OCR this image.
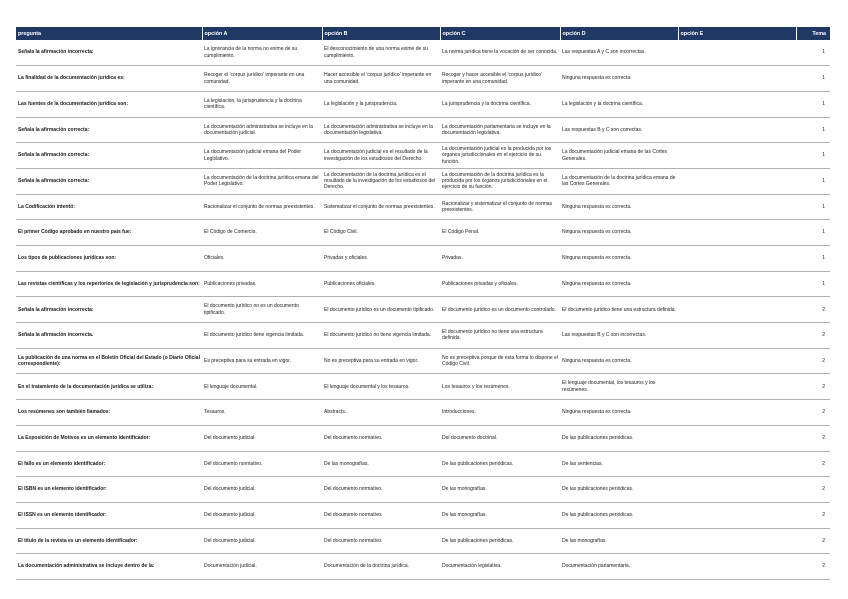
pregunta	opción A	opción B	opción C	opción D	opción E	Tema

Señala la afirmación incorrecta:	La ignorancia de la norma no exime de su cumplimiento.	El desconocimiento de una norma exime de su cumplimiento.	La norma jurídica tiene la vocación de ser conocida.	Las respuestas A y C son incorrectas.		1

La finalidad de la documentación jurídica es:	Recoger el 'corpus jurídico' imperante en una comunidad.	Hacer accesible el 'corpus jurídico' imperante en una comunidad.	Recoger y hacer accesible el 'corpus jurídico' imperante en una comunidad.	Ninguna respuesta es correcta.		1

Las fuentes de la documentación jurídica son:	La legislación, la jurisprudencia y la doctrina científica.	La legislación y la jurisprudencia.	La jurisprudencia y la doctrina científica.	La legislación y la doctrina científica.		1

Señala la afirmación correcta:	La documentación administrativa se incluye en la documentación judicial.	La documentación administrativa se incluye en la documentación legislativa.	La documentación parlamentaria se incluye en la documentación legislativa.	Las respuestas B y C son correctas.		1

Señala la afirmación correcta:	La documentación judicial emana del Poder Legislativo.	La documentación judicial es el resultado de la investigación de los estudiosos del Derecho.	La documentación judicial es la producida por los órganos jurisdiccionales en el ejercicio de su función.	La documentación judicial emana de las Cortes Generales.		1

Señala la afirmación correcta:	La documentación de la doctrina jurídica emana del Poder Legislativo.	La documentación de la doctrina jurídica es el resultado de la investigación de los estudiosos del Derecho.	La documentación de la doctrina jurídica es la producida por los órganos jurisdiccionales en el ejercicio de su función.	La documentación de la doctrina jurídica emana de las Cortes Generales.		1

La Codificación intentó:	Racionalizar el conjunto de normas preexistentes.	Sistematizar el conjunto de normas preexistentes.	Racionalizar y sistematizar el conjunto de normas preexistentes.	Ninguna respuesta es correcta.		1

El primer Código aprobado en nuestro país fue:	El Código de Comercio.	El Código Civil.	El Código Penal.	Ninguna respuesta es correcta.		1

Los tipos de publicaciones jurídicas son:	Oficiales.	Privadas y oficiales.	Privadas.	Ninguna respuesta es correcta.		1

Las revistas científicas y los repertorios de legislación y jurisprudencia son:	Publicaciones privadas.	Publicaciones oficiales.	Publicaciones privadas y oficiales.	Ninguna respuesta es correcta.		1

Señala la afirmación incorrecta:	El documento jurídico no es un documento tipificado.	El documento jurídico es un documento tipificado.	El documento jurídico es un documento controlado.	El documento jurídico tiene una estructura definida.		2

Señala la afirmación incorrecta.	El documento jurídico tiene vigencia limitada.	El documento jurídico no tiene vigencia limitada.	El documento jurídico no tiene una estructura definida.	Las respuestas B y C son incorrectas.		2

La publicación de una norma en el Boletín Oficial del Estado (o Diario Oficial correspondiente):	Es preceptiva para su entrada en vigor.	No es preceptiva para su entrada en vigor.	No es preceptiva porque de esta forma lo dispone el Código Civil.	Ninguna respuesta es correcta.		2

En el tratamiento de la documentación jurídica se utiliza:	El lenguaje documental.	El lenguaje documental y los tesauros.	Los tesauros y los resúmenes.	El lenguaje documental, los tesauros y los resúmenes.		2

Los resúmenes son también llamados:	Tesauros.	Abstracts.	Introducciones.	Ninguna respuesta es correcta.		2

La Exposición de Motivos es un elemento identificador:	Del documento judicial.	Del documento normativo.	Del documento doctrinal.	De las publicaciones periódicas.		2

El fallo es un elemento identificador:	Del documento normativo.	De las monografías.	De las publicaciones periódicas.	De las sentencias.		2

El ISBN es un elemento identificador:	Del documento judicial.	Del documento normativo.	De las monografías.	De las publicaciones periódicas.		2

El ISSN es un elemento identificador:	Del documento judicial.	Del documento normativo.	De las monografías.	De las publicaciones periódicas.		2

El título de la revista es un elemento identificador:	Del documento judicial.	Del documento normativo.	De las publicaciones periódicas.	De las monografías.		2

La documentación administrativa se incluye dentro de la:	Documentación judicial.	Documentación de la doctrina jurídica.	Documentación legislativa.	Documentación parlamentaria.		2
